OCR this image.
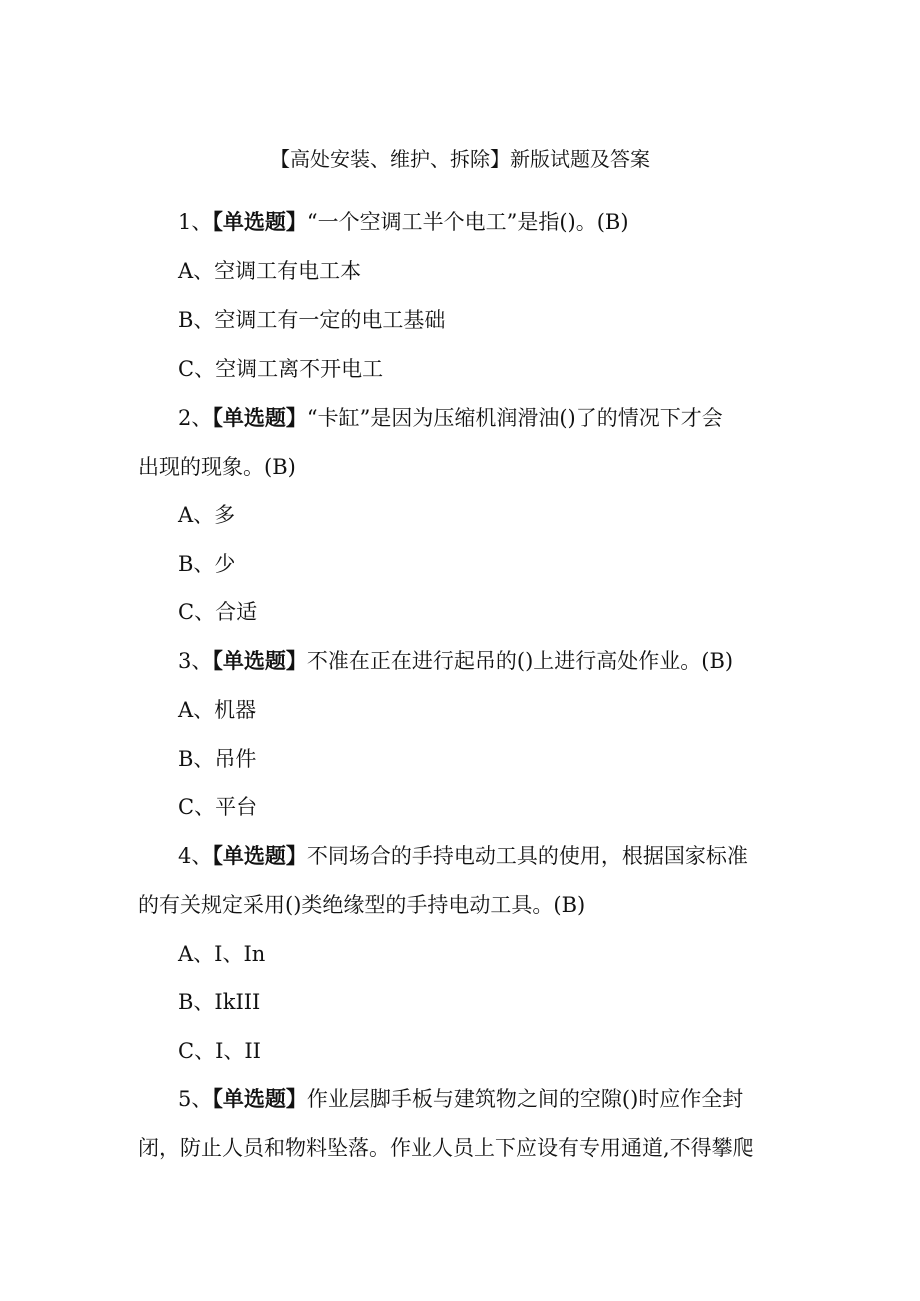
【高处安装、维护、拆除】新版试题及答案
1、【单选题】“一个空调工半个电工”是指()。(B)
A、空调工有电工本
B、空调工有一定的电工基础
C、空调工离不开电工
2、【单选题】“卡缸”是因为压缩机润滑油()了的情况下才会
出现的现象。(B)
A、多
B、少
C、合适
3、【单选题】不准在正在进行起吊的()上进行高处作业。(B)
A、机器
B、吊件
C、平台
4、【单选题】不同场合的手持电动工具的使用，根据国家标准
的有关规定采用()类绝缘型的手持电动工具。(B)
A、I、In
B、IkIII
C、I、II
5、【单选题】作业层脚手板与建筑物之间的空隙()时应作全封
闭，防止人员和物料坠落。作业人员上下应设有专用通道,不得攀爬
